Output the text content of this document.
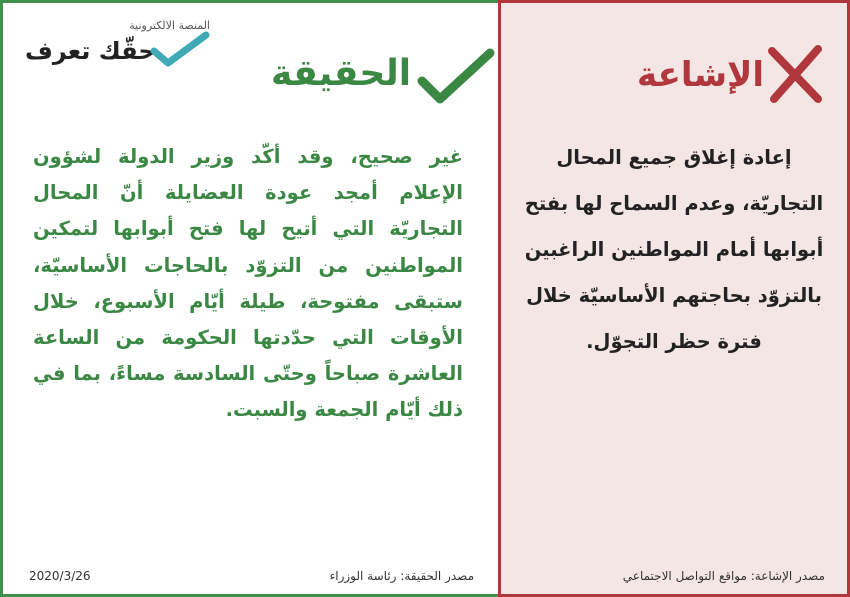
المنصة الالكترونية
حقّك تعرف
الحقيقة
غير صحيح، وقد أكّد وزير الدولة لشؤون الإعلام أمجد عودة العضايلة أنّ المحال التجاريّة التي أتيح لها فتح أبوابها لتمكين المواطنين من التزوّد بالحاجات الأساسيّة، ستبقى مفتوحة، طيلة أيّام الأسبوع، خلال الأوقات التي حدّدتها الحكومة من الساعة العاشرة صباحاً وحتّى السادسة مساءً، بما في ذلك أيّام الجمعة والسبت.
مصدر الحقيقة: رئاسة الوزراء
2020/3/26
الإشاعة
إعادة إغلاق جميع المحال التجاريّة، وعدم السماح لها بفتح أبوابها أمام المواطنين الراغبين بالتزوّد بحاجتهم الأساسيّة خلال فترة حظر التجوّل.
مصدر الإشاعة: مواقع التواصل الاجتماعي
